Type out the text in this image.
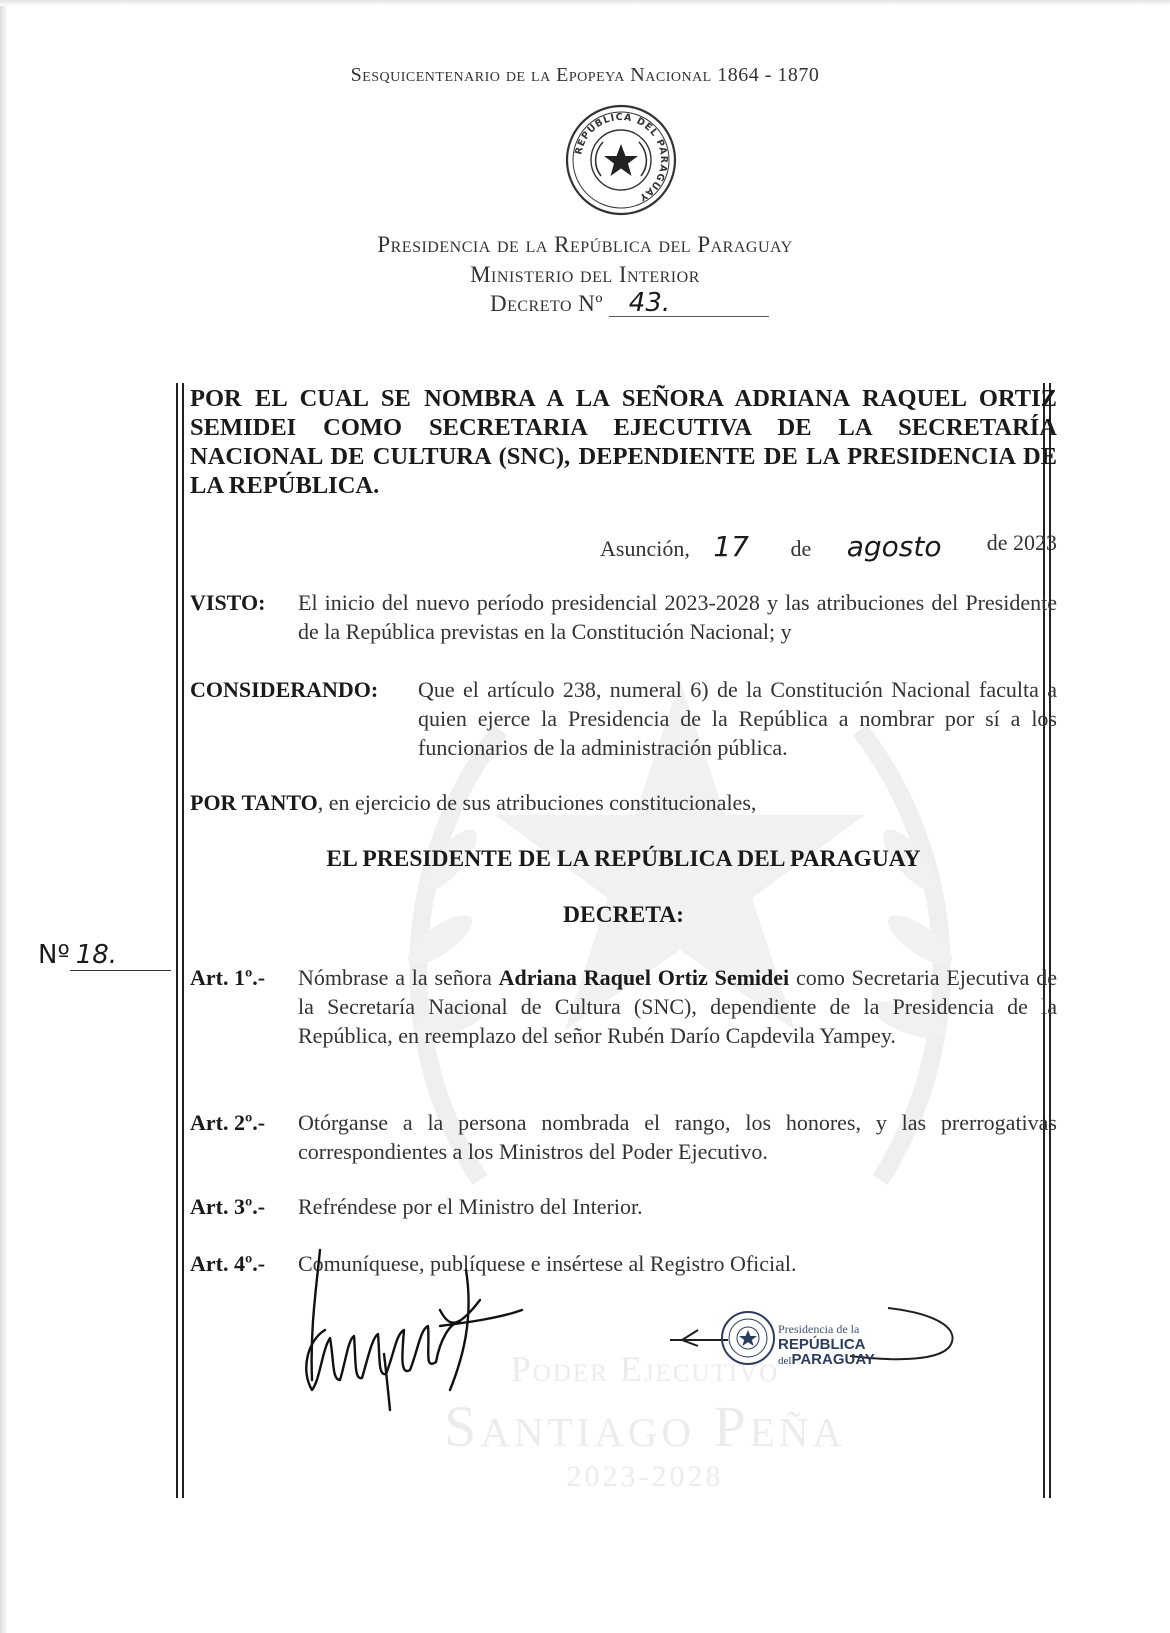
Sesquicentenario de la Epopeya Nacional 1864 - 1870
REPÚBLICA DEL PARAGUAY
Presidencia de la República del Paraguay
Ministerio del Interior
Decreto Nº 43.
POR EL CUAL SE NOMBRA A LA SEÑORA ADRIANA RAQUEL ORTIZ SEMIDEI COMO SECRETARIA EJECUTIVA DE LA SECRETARÍA NACIONAL DE CULTURA (SNC), DEPENDIENTE DE LA PRESIDENCIA DE LA REPÚBLICA.
Asunción, 17 de agosto de 2023
VISTO:	El inicio del nuevo período presidencial 2023-2028 y las atribuciones del Presidente de la República previstas en la Constitución Nacional; y
CONSIDERANDO:	Que el artículo 238, numeral 6) de la Constitución Nacional faculta a quien ejerce la Presidencia de la República a nombrar por sí a los funcionarios de la administración pública.
POR TANTO, en ejercicio de sus atribuciones constitucionales,
EL PRESIDENTE DE LA REPÚBLICA DEL PARAGUAY
DECRETA:
Nº 18.
Art. 1º.-	Nómbrase a la señora Adriana Raquel Ortiz Semidei como Secretaria Ejecutiva de la Secretaría Nacional de Cultura (SNC), dependiente de la Presidencia de la República, en reemplazo del señor Rubén Darío Capdevila Yampey.
Art. 2º.-	Otórganse a la persona nombrada el rango, los honores, y las prerrogativas correspondientes a los Ministros del Poder Ejecutivo.
Art. 3º.-	Refréndese por el Ministro del Interior.
Art. 4º.-	Comuníquese, publíquese e insértese al Registro Oficial.
Poder Ejecutivo
Santiago Peña
2023-2028
Presidencia de la
REPÚBLICA
delPARAGUAY
